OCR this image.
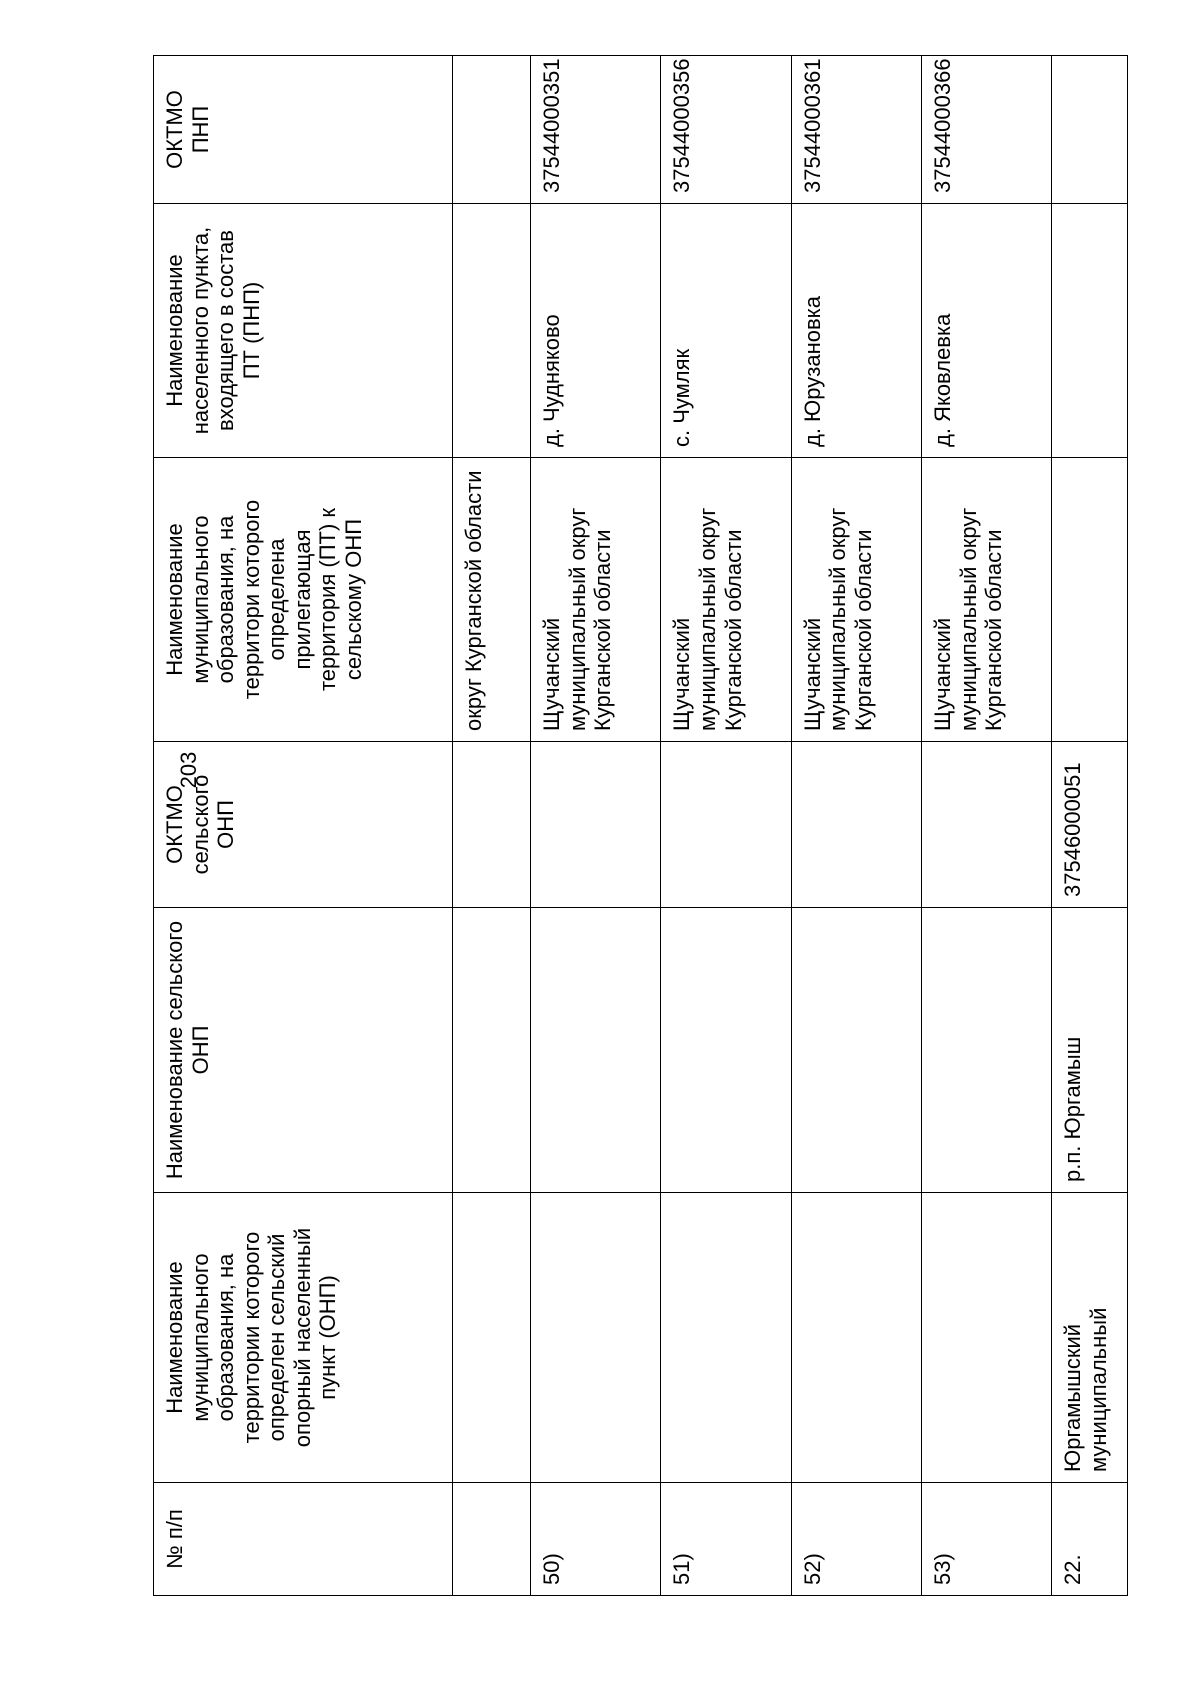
203
№ п/п	Наименование муниципального образования, на территории которого определен сельский опорный населенный пункт (ОНП)	Наименование сельского ОНП	ОКТМО сельского ОНП	Наименование муниципального образования, на территори которого определена прилегающая территория (ПТ) к сельскому ОНП	Наименование населенного пункта, входящего в состав ПТ (ПНП)	ОКТМО ПНП
				округ Курганской области		
50)				Щучанский муниципальный округ Курганской области	д. Чудняково	37544000351
51)				Щучанский муниципальный округ Курганской области	с. Чумляк	37544000356
52)				Щучанский муниципальный округ Курганской области	д. Юрузановка	37544000361
53)				Щучанский муниципальный округ Курганской области	д. Яковлевка	37544000366
22.	Юргамышский муниципальный	р.п. Юргамыш	37546000051			
